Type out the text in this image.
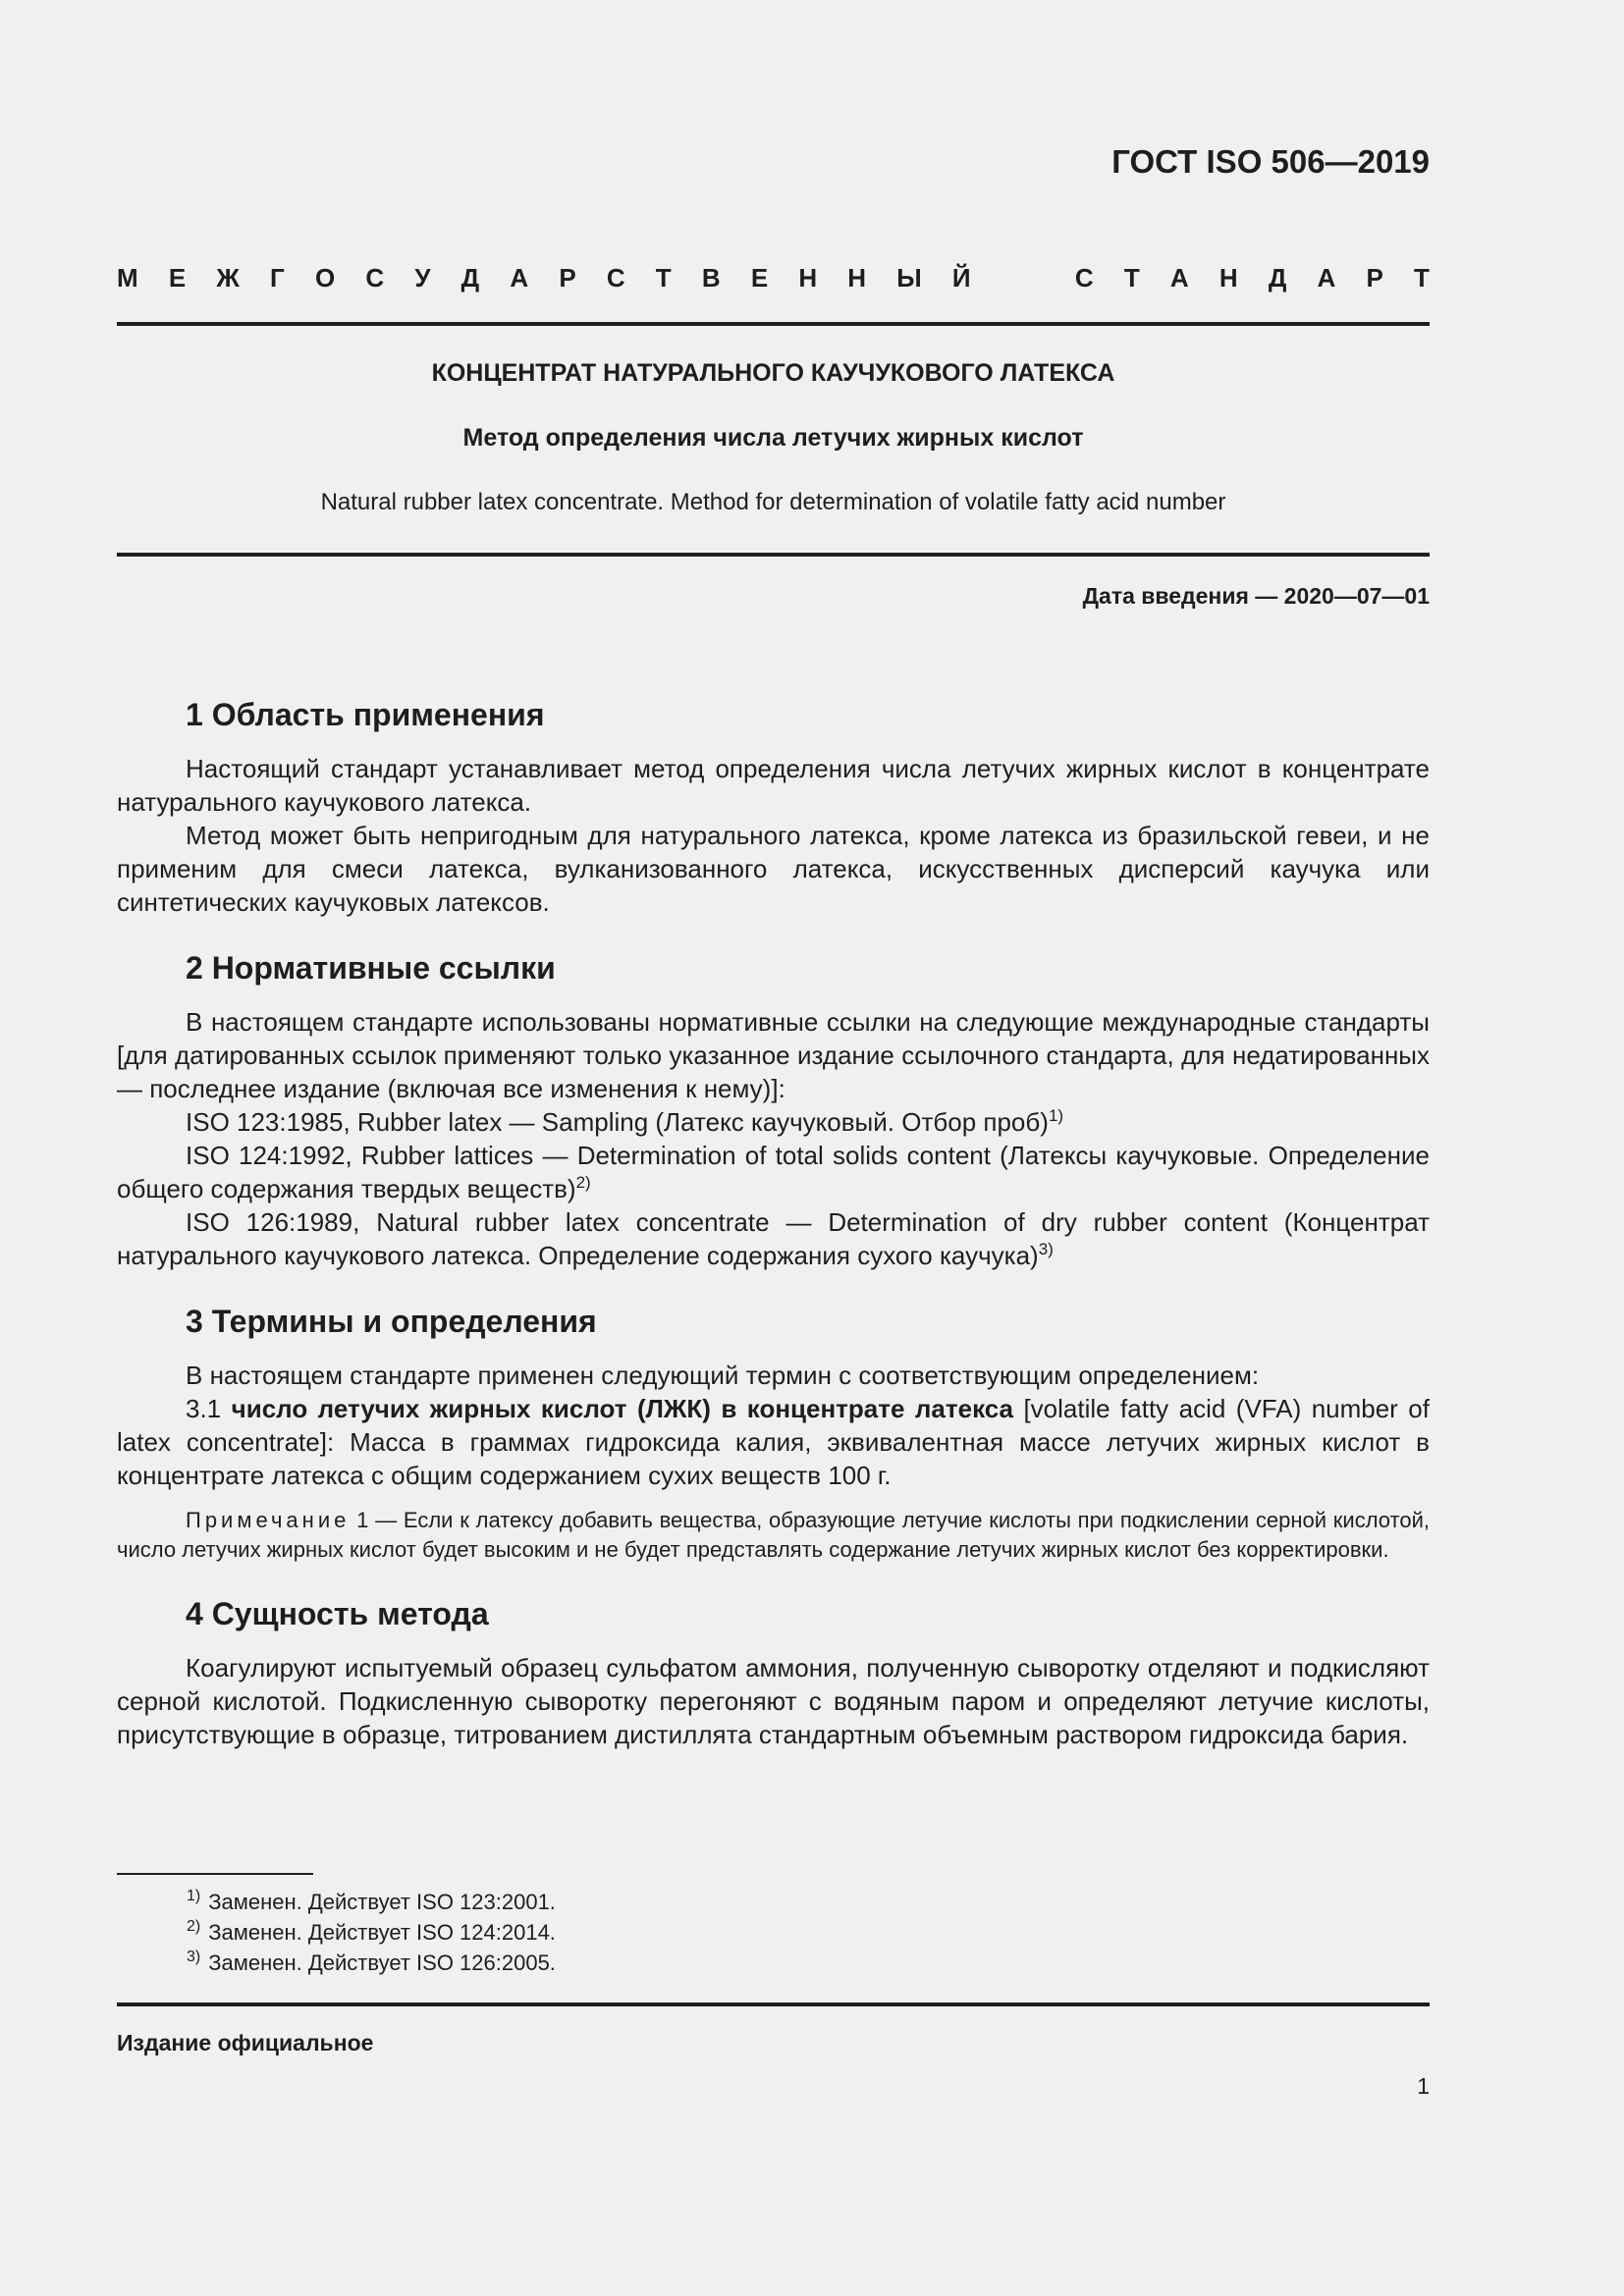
ГОСТ ISO 506—2019
М Е Ж Г О С У Д А Р С Т В Е Н Н Ы Й	С Т А Н Д А Р Т
КОНЦЕНТРАТ НАТУРАЛЬНОГО КАУЧУКОВОГО ЛАТЕКСА
Метод определения числа летучих жирных кислот
Natural rubber latex concentrate. Method for determination of volatile fatty acid number
Дата введения — 2020—07—01
1 Область применения

Настоящий стандарт устанавливает метод определения числа летучих жирных кислот в концентрате натурального каучукового латекса.

Метод может быть непригодным для натурального латекса, кроме латекса из бразильской гевеи, и не применим для смеси латекса, вулканизованного латекса, искусственных дисперсий каучука или синтетических каучуковых латексов.

2 Нормативные ссылки

В настоящем стандарте использованы нормативные ссылки на следующие международные стандарты [для датированных ссылок применяют только указанное издание ссылочного стандарта, для недатированных — последнее издание (включая все изменения к нему)]:

ISO 123:1985, Rubber latex — Sampling (Латекс каучуковый. Отбор проб)$^{1)}$

ISO 124:1992, Rubber lattices — Determination of total solids content (Латексы каучуковые. Определение общего содержания твердых веществ)$^{2)}$

ISO 126:1989, Natural rubber latex concentrate — Determination of dry rubber content (Концентрат натурального каучукового латекса. Определение содержания сухого каучука)$^{3)}$

3 Термины и определения

В настоящем стандарте применен следующий термин с соответствующим определением:

3.1 число летучих жирных кислот (ЛЖК) в концентрате латекса [volatile fatty acid (VFA) number of latex concentrate]: Масса в граммах гидроксида калия, эквивалентная массе летучих жирных кислот в концентрате латекса с общим содержанием сухих веществ 100 г.

Примечание 1 — Если к латексу добавить вещества, образующие летучие кислоты при подкислении серной кислотой, число летучих жирных кислот будет высоким и не будет представлять содержание летучих жирных кислот без корректировки.

4 Сущность метода

Коагулируют испытуемый образец сульфатом аммония, полученную сыворотку отделяют и подкисляют серной кислотой. Подкисленную сыворотку перегоняют с водяным паром и определяют летучие кислоты, присутствующие в образце, титрованием дистиллята стандартным объемным раствором гидроксида бария.

$^{1)}$ Заменен. Действует ISO 123:2001.
$^{2)}$ Заменен. Действует ISO 124:2014.
$^{3)}$ Заменен. Действует ISO 126:2005.
Издание официальное
1
